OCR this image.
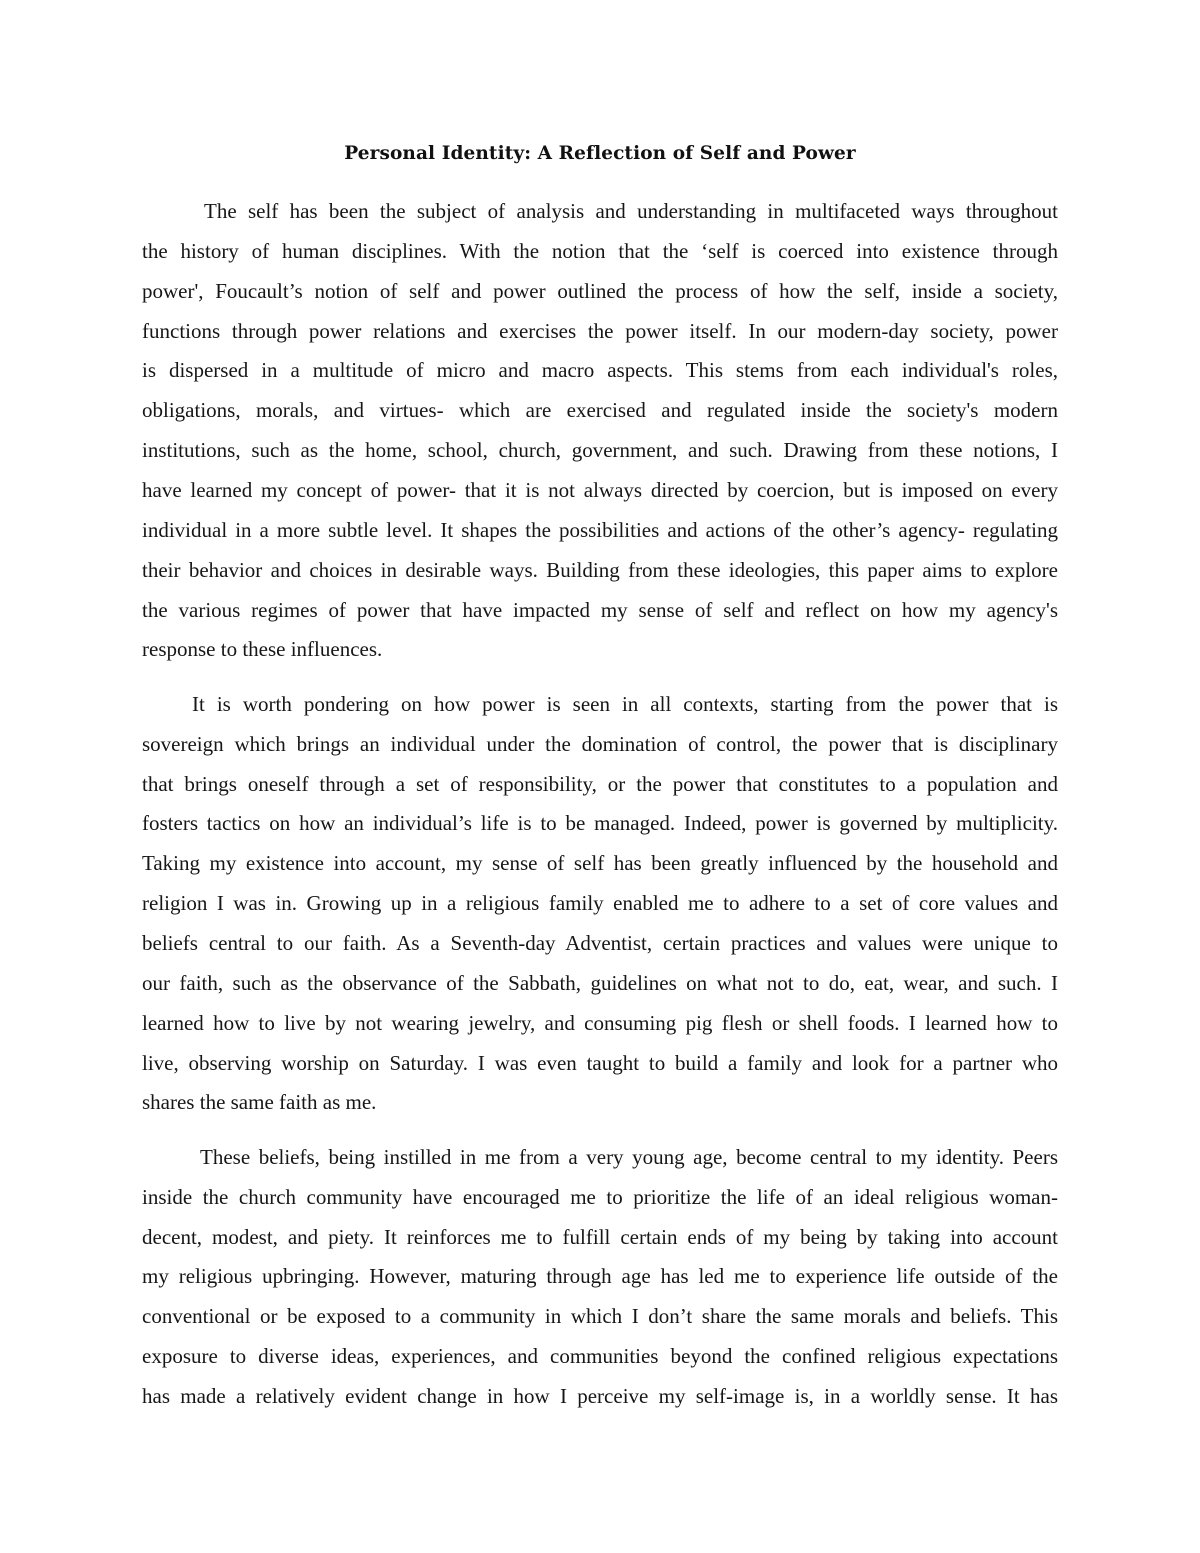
Personal Identity: A Reflection of Self and Power
The self has been the subject of analysis and understanding in multifaceted ways throughout
the history of human disciplines. With the notion that the ‘self is coerced into existence through
power', Foucault’s notion of self and power outlined the process of how the self, inside a society,
functions through power relations and exercises the power itself. In our modern-day society, power
is dispersed in a multitude of micro and macro aspects. This stems from each individual's roles,
obligations, morals, and virtues- which are exercised and regulated inside the society's modern
institutions, such as the home, school, church, government, and such. Drawing from these notions, I
have learned my concept of power- that it is not always directed by coercion, but is imposed on every
individual in a more subtle level. It shapes the possibilities and actions of the other’s agency- regulating
their behavior and choices in desirable ways. Building from these ideologies, this paper aims to explore
the various regimes of power that have impacted my sense of self and reflect on how my agency's
response to these influences.
It is worth pondering on how power is seen in all contexts, starting from the power that is
sovereign which brings an individual under the domination of control, the power that is disciplinary
that brings oneself through a set of responsibility, or the power that constitutes to a population and
fosters tactics on how an individual’s life is to be managed. Indeed, power is governed by multiplicity.
Taking my existence into account, my sense of self has been greatly influenced by the household and
religion I was in. Growing up in a religious family enabled me to adhere to a set of core values and
beliefs central to our faith. As a Seventh-day Adventist, certain practices and values were unique to
our faith, such as the observance of the Sabbath, guidelines on what not to do, eat, wear, and such. I
learned how to live by not wearing jewelry, and consuming pig flesh or shell foods. I learned how to
live, observing worship on Saturday. I was even taught to build a family and look for a partner who
shares the same faith as me.
These beliefs, being instilled in me from a very young age, become central to my identity. Peers
inside the church community have encouraged me to prioritize the life of an ideal religious woman-
decent, modest, and piety. It reinforces me to fulfill certain ends of my being by taking into account
my religious upbringing. However, maturing through age has led me to experience life outside of the
conventional or be exposed to a community in which I don’t share the same morals and beliefs. This
exposure to diverse ideas, experiences, and communities beyond the confined religious expectations
has made a relatively evident change in how I perceive my self-image is, in a worldly sense. It has
